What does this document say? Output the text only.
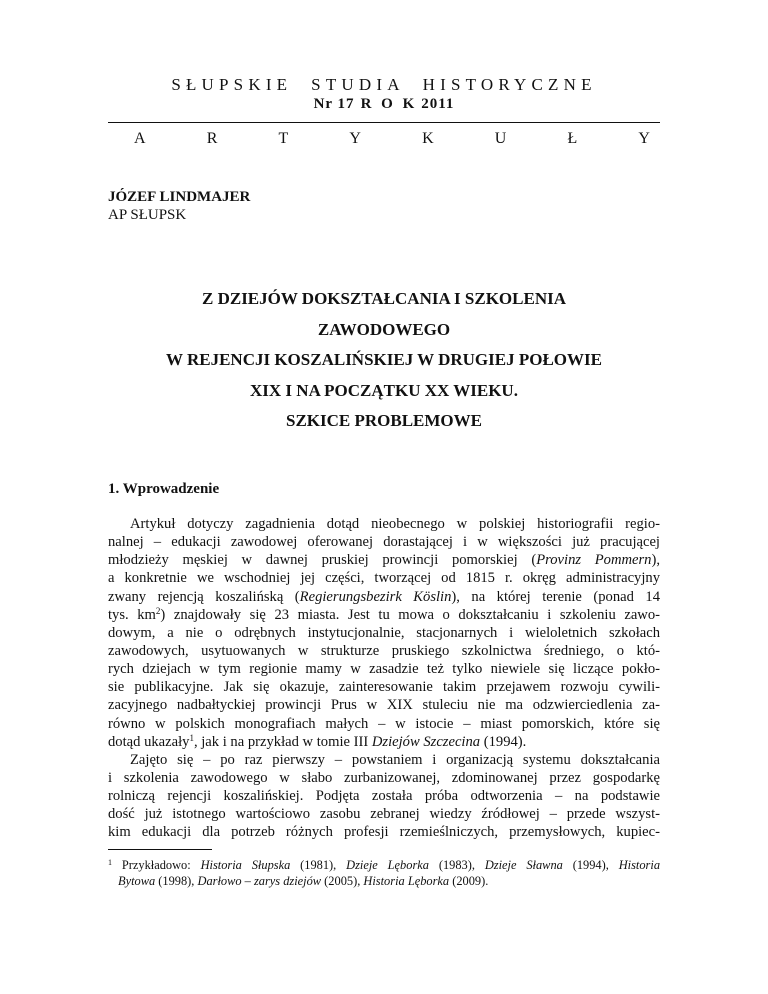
SŁUPSKIE  STUDIA  HISTORYCZNE
Nr 17 R O K 2011
A	R	T	Y	K	U	Ł	Y
JÓZEF LINDMAJER
AP SŁUPSK
Z DZIEJÓW DOKSZTAŁCANIA I SZKOLENIA
ZAWODOWEGO
W REJENCJI KOSZALIŃSKIEJ W DRUGIEJ POŁOWIE
XIX I NA POCZĄTKU XX WIEKU.
SZKICE PROBLEMOWE
1. Wprowadzenie
Artykuł dotyczy zagadnienia dotąd nieobecnego w polskiej historiografii regio-
nalnej – edukacji zawodowej oferowanej dorastającej i w większości już pracującej
młodzieży męskiej w dawnej pruskiej prowincji pomorskiej (Provinz Pommern),
a konkretnie we wschodniej jej części, tworzącej od 1815 r. okręg administracyjny
zwany rejencją koszalińską (Regierungsbezirk Köslin), na której terenie (ponad 14
tys. $km^2$) znajdowały się 23 miasta. Jest tu mowa o dokształcaniu i szkoleniu zawo-
dowym, a nie o odrębnych instytucjonalnie, stacjonarnych i wieloletnich szkołach
zawodowych, usytuowanych w strukturze pruskiego szkolnictwa średniego, o któ-
rych dziejach w tym regionie mamy w zasadzie też tylko niewiele się liczące pokło-
sie publikacyjne. Jak się okazuje, zainteresowanie takim przejawem rozwoju cywili-
zacyjnego nadbałtyckiej prowincji Prus w XIX stuleciu nie ma odzwierciedlenia za-
równo w polskich monografiach małych – w istocie – miast pomorskich, które się
dotąd ukazały$^1$, jak i na przykład w tomie III Dziejów Szczecina (1994).
Zajęto się – po raz pierwszy – powstaniem i organizacją systemu dokształcania
i szkolenia zawodowego w słabo zurbanizowanej, zdominowanej przez gospodarkę
rolniczą rejencji koszalińskiej. Podjęta została próba odtworzenia – na podstawie
dość już istotnego wartościowo zasobu zebranej wiedzy źródłowej – przede wszyst-
kim edukacji dla potrzeb różnych profesji rzemieślniczych, przemysłowych, kupiec-
$^1$ Przykładowo: Historia Słupska (1981), Dzieje Lęborka (1983), Dzieje Sławna (1994), Historia
Bytowa (1998), Darłowo – zarys dziejów (2005), Historia Lęborka (2009).
